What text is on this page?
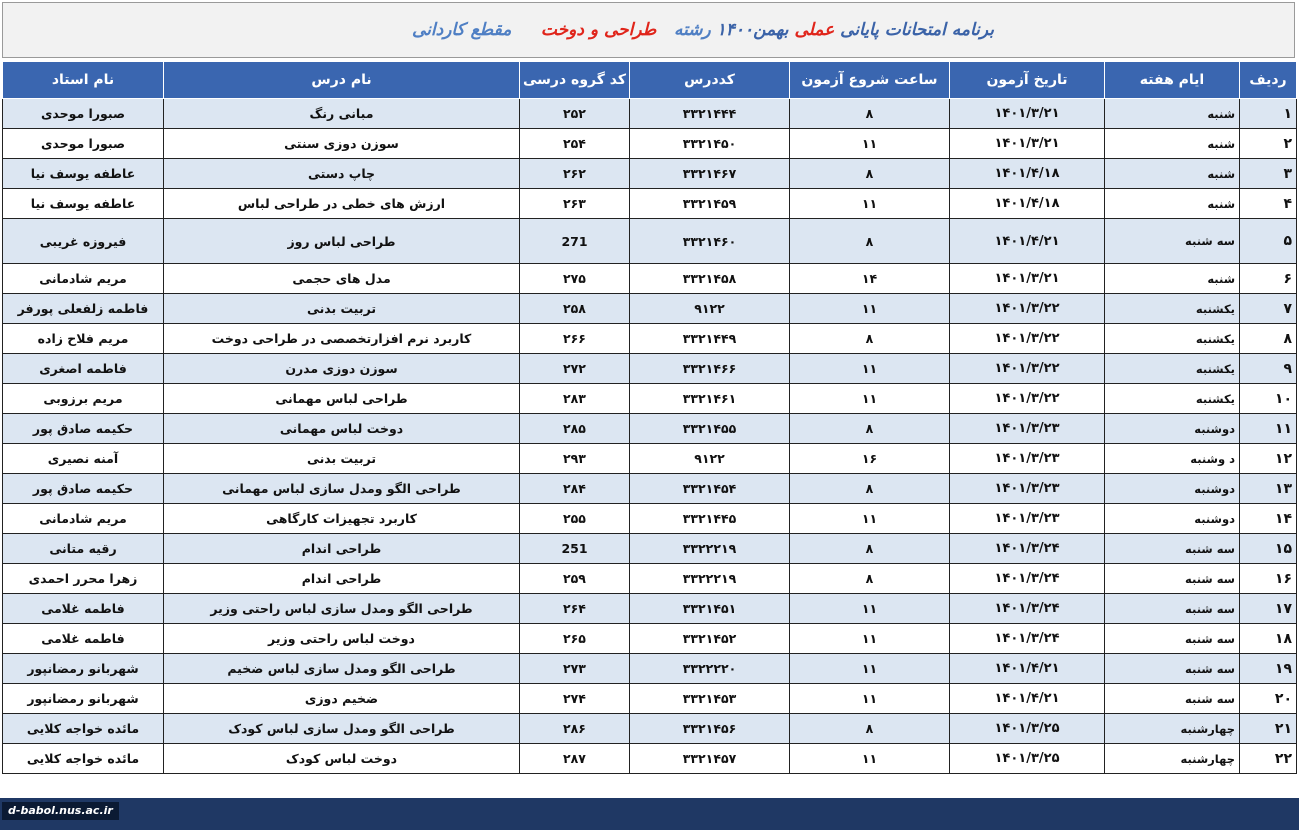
برنامه امتحانات پایانی عملی بهمن۱۴۰۰ رشته   طراحی و دوخت     مقطع کاردانی
ردیف	ایام هفته	تاریخ آزمون	ساعت شروع آزمون	کددرس	کد گروه درسی	نام درس	نام استاد
۱	شنبه	۱۴۰۱/۳/۲۱	۸	۳۳۲۱۴۴۴	۲۵۲	مبانی رنگ	صبورا موحدی
۲	شنبه	۱۴۰۱/۳/۲۱	۱۱	۳۳۲۱۴۵۰	۲۵۴	سوزن دوزی سنتی	صبورا موحدی
۳	شنبه	۱۴۰۱/۴/۱۸	۸	۳۳۲۱۴۶۷	۲۶۲	چاپ دستی	عاطفه یوسف نیا
۴	شنبه	۱۴۰۱/۴/۱۸	۱۱	۳۳۲۱۴۵۹	۲۶۳	ارزش های خطی در طراحی لباس	عاطفه یوسف نیا
۵	سه شنبه	۱۴۰۱/۴/۲۱	۸	۳۳۲۱۴۶۰	271	طراحی لباس روز	فیروزه غریبی
۶	شنبه	۱۴۰۱/۳/۲۱	۱۴	۳۳۲۱۴۵۸	۲۷۵	مدل های حجمی	مریم شادمانی
۷	یکشنبه	۱۴۰۱/۳/۲۲	۱۱	۹۱۲۲	۲۵۸	تربیت بدنی	فاطمه زلفعلی پورفر
۸	یکشنبه	۱۴۰۱/۳/۲۲	۸	۳۳۲۱۴۴۹	۲۶۶	کاربرد نرم افزارتخصصی در طراحی دوخت	مریم فلاح زاده
۹	یکشنبه	۱۴۰۱/۳/۲۲	۱۱	۳۳۲۱۴۶۶	۲۷۲	سوزن دوزی مدرن	فاطمه اصغری
۱۰	یکشنبه	۱۴۰۱/۳/۲۲	۱۱	۳۳۲۱۴۶۱	۲۸۳	طراحی لباس مهمانی	مریم برزوبی
۱۱	دوشنبه	۱۴۰۱/۳/۲۳	۸	۳۳۲۱۴۵۵	۲۸۵	دوخت لباس مهمانی	حکیمه صادق پور
۱۲	د وشنبه	۱۴۰۱/۳/۲۳	۱۶	۹۱۲۲	۲۹۳	تربیت بدنی	آمنه نصیری
۱۳	دوشنبه	۱۴۰۱/۳/۲۳	۸	۳۳۲۱۴۵۴	۲۸۴	طراحی الگو ومدل سازی لباس مهمانی	حکیمه صادق پور
۱۴	دوشنبه	۱۴۰۱/۳/۲۳	۱۱	۳۳۲۱۴۴۵	۲۵۵	کاربرد تجهیزات کارگاهی	مریم شادمانی
۱۵	سه شنبه	۱۴۰۱/۳/۲۴	۸	۳۳۲۲۲۱۹	251	طراحی اندام	رقیه متانی
۱۶	سه شنبه	۱۴۰۱/۳/۲۴	۸	۳۳۲۲۲۱۹	۲۵۹	طراحی اندام	زهرا محرر احمدی
۱۷	سه شنبه	۱۴۰۱/۳/۲۴	۱۱	۳۳۲۱۴۵۱	۲۶۴	طراحی الگو ومدل سازی لباس راحتی وزیر	فاطمه غلامی
۱۸	سه شنبه	۱۴۰۱/۳/۲۴	۱۱	۳۳۲۱۴۵۲	۲۶۵	دوخت لباس راحتی وزیر	فاطمه غلامی
۱۹	سه شنبه	۱۴۰۱/۴/۲۱	۱۱	۳۳۲۲۲۲۰	۲۷۳	طراحی الگو ومدل سازی لباس ضخیم	شهربانو رمضانپور
۲۰	سه شنبه	۱۴۰۱/۴/۲۱	۱۱	۳۳۲۱۴۵۳	۲۷۴	ضخیم دوزی	شهربانو رمضانپور
۲۱	چهارشنبه	۱۴۰۱/۳/۲۵	۸	۳۳۲۱۴۵۶	۲۸۶	طراحی الگو ومدل سازی لباس کودک	مائده خواجه کلایی
۲۲	چهارشنبه	۱۴۰۱/۳/۲۵	۱۱	۳۳۲۱۴۵۷	۲۸۷	دوخت لباس کودک	مائده خواجه کلایی
d-babol.nus.ac.ir
